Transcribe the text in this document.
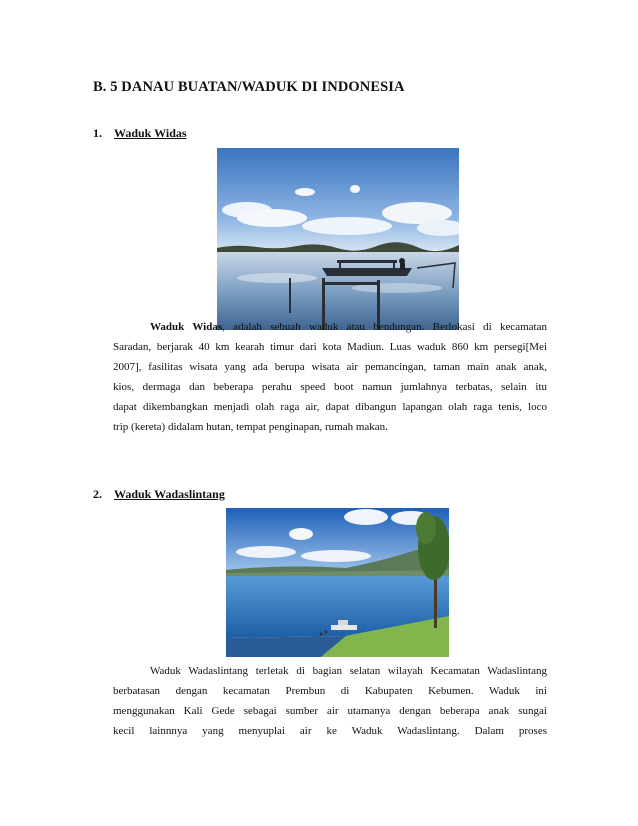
B. 5 DANAU BUATAN/WADUK DI INDONESIA
1. Waduk Widas
Waduk Widas, adalah sebuah waduk atau bendungan. Berlokasi di kecamatan
Saradan, berjarak 40 km kearah timur dari kota Madiun. Luas waduk 860 km persegi[Mei
2007], fasilitas wisata yang ada berupa wisata air pemancingan, taman main anak anak,
kios, dermaga dan beberapa perahu speed boot namun jumlahnya terbatas, selain itu
dapat dikembangkan menjadi olah raga air, dapat dibangun lapangan olah raga tenis, loco
trip (kereta) didalam hutan, tempat penginapan, rumah makan.
2. Waduk Wadaslintang
Waduk Wadaslintang terletak di bagian selatan wilayah Kecamatan Wadaslintang
berbatasan dengan kecamatan Prembun di Kabupaten Kebumen. Waduk ini
menggunakan Kali Gede sebagai sumber air utamanya dengan beberapa anak sungai
kecil lainnnya yang menyuplai air ke Waduk Wadaslintang. Dalam proses
